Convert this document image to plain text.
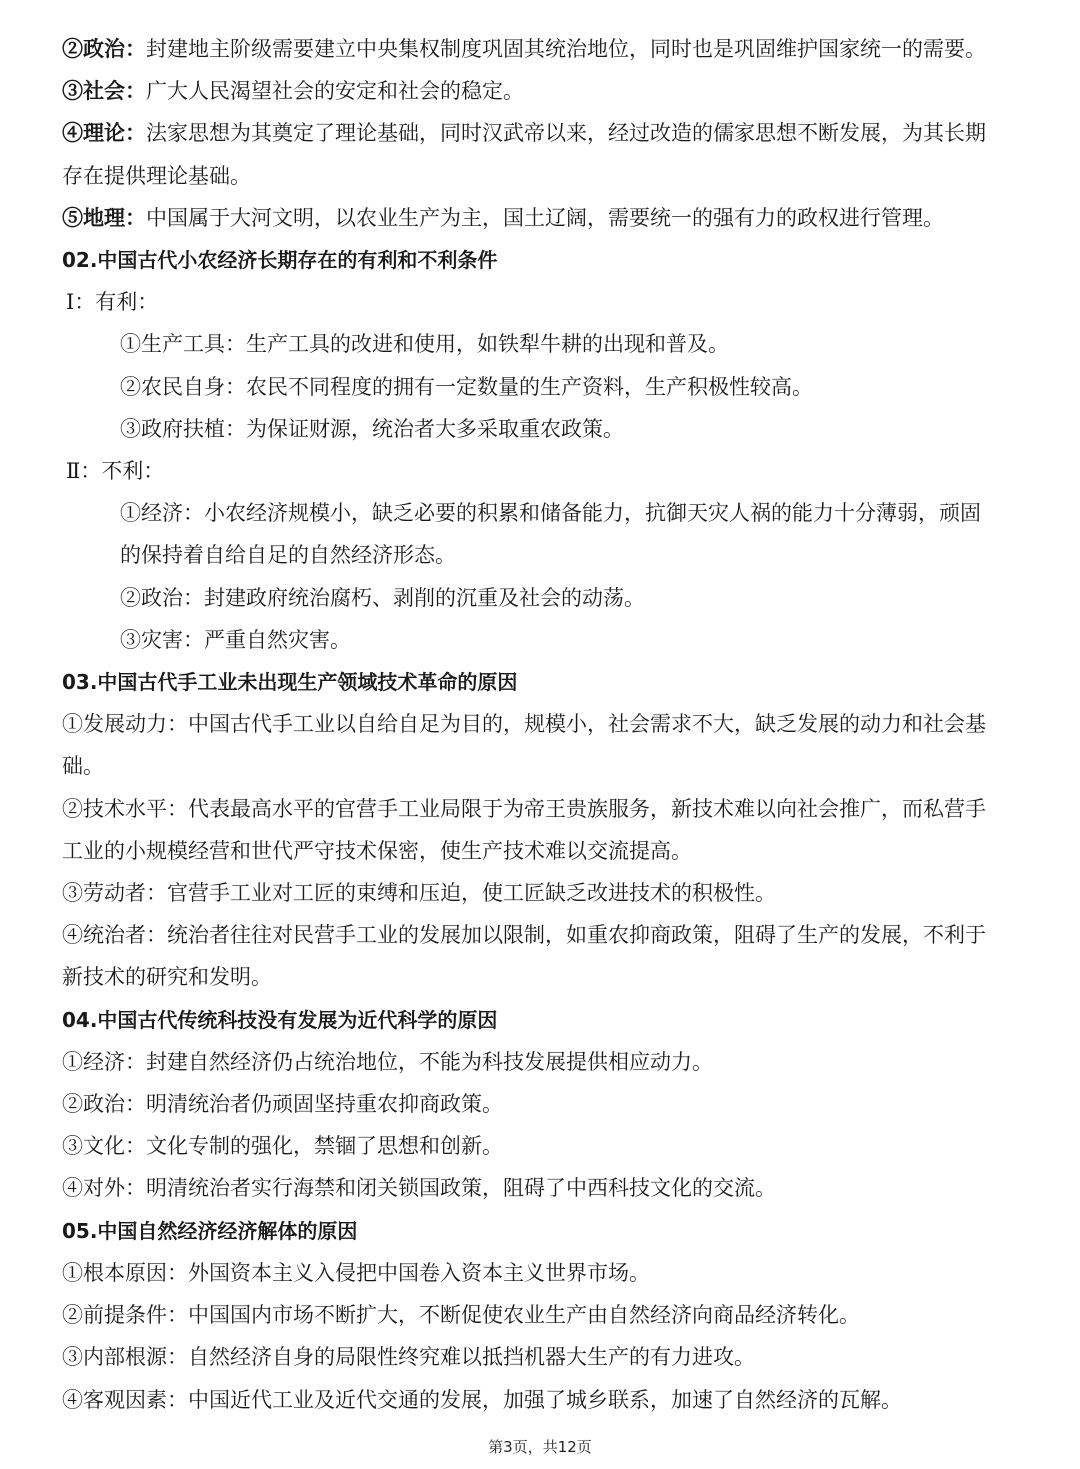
②政治：封建地主阶级需要建立中央集权制度巩固其统治地位，同时也是巩固维护国家统一的需要。
③社会：广大人民渴望社会的安定和社会的稳定。
④理论：法家思想为其奠定了理论基础，同时汉武帝以来，经过改造的儒家思想不断发展，为其长期
存在提供理论基础。
⑤地理：中国属于大河文明，以农业生产为主，国土辽阔，需要统一的强有力的政权进行管理。
02.中国古代小农经济长期存在的有利和不利条件
Ⅰ：有利：
①生产工具：生产工具的改进和使用，如铁犁牛耕的出现和普及。
②农民自身：农民不同程度的拥有一定数量的生产资料，生产积极性较高。
③政府扶植：为保证财源，统治者大多采取重农政策。
Ⅱ：不利：
①经济：小农经济规模小，缺乏必要的积累和储备能力，抗御天灾人祸的能力十分薄弱，顽固
的保持着自给自足的自然经济形态。
②政治：封建政府统治腐朽、剥削的沉重及社会的动荡。
③灾害：严重自然灾害。
03.中国古代手工业未出现生产领域技术革命的原因
①发展动力：中国古代手工业以自给自足为目的，规模小，社会需求不大，缺乏发展的动力和社会基
础。
②技术水平：代表最高水平的官营手工业局限于为帝王贵族服务，新技术难以向社会推广，而私营手
工业的小规模经营和世代严守技术保密，使生产技术难以交流提高。
③劳动者：官营手工业对工匠的束缚和压迫，使工匠缺乏改进技术的积极性。
④统治者：统治者往往对民营手工业的发展加以限制，如重农抑商政策，阻碍了生产的发展，不利于
新技术的研究和发明。
04.中国古代传统科技没有发展为近代科学的原因
①经济：封建自然经济仍占统治地位，不能为科技发展提供相应动力。
②政治：明清统治者仍顽固坚持重农抑商政策。
③文化：文化专制的强化，禁锢了思想和创新。
④对外：明清统治者实行海禁和闭关锁国政策，阻碍了中西科技文化的交流。
05.中国自然经济经济解体的原因
①根本原因：外国资本主义入侵把中国卷入资本主义世界市场。
②前提条件：中国国内市场不断扩大，不断促使农业生产由自然经济向商品经济转化。
③内部根源：自然经济自身的局限性终究难以抵挡机器大生产的有力进攻。
④客观因素：中国近代工业及近代交通的发展，加强了城乡联系，加速了自然经济的瓦解。
第3页，共12页
